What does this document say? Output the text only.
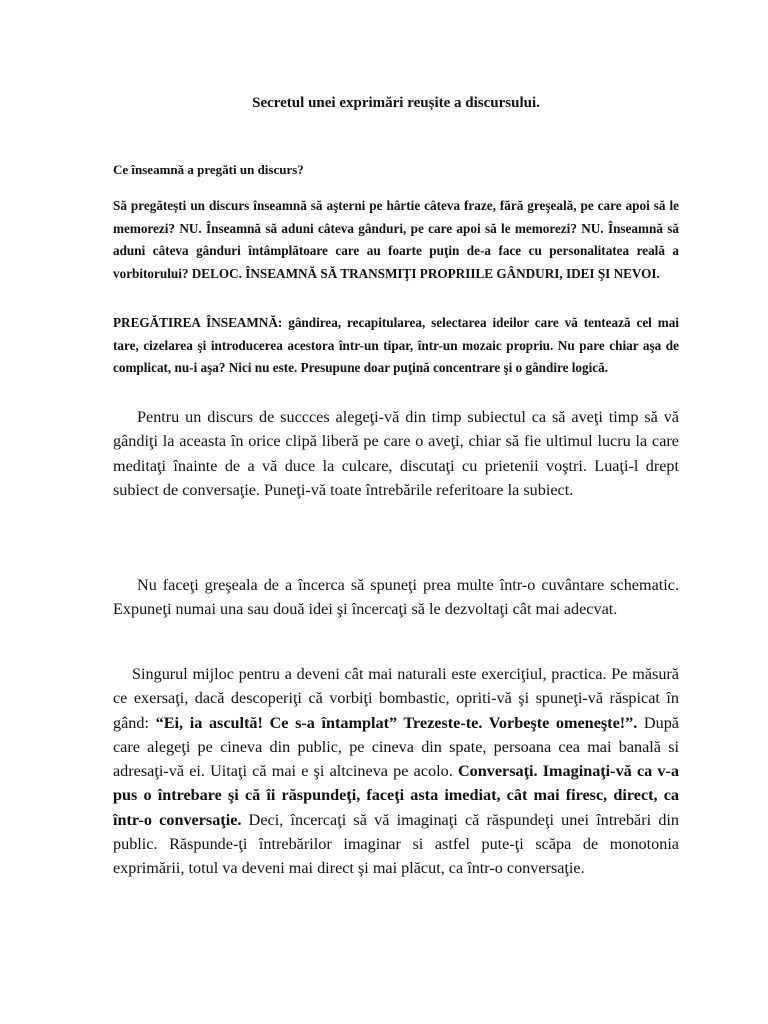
Secretul unei exprimări reușite a discursului.

Ce înseamnă a pregăti un discurs?

Să pregătești un discurs înseamnă să aşterni pe hârtie câteva fraze, fără greşeală, pe care apoi să le memorezi? NU. Înseamnă să aduni câteva gânduri, pe care apoi să le memorezi? NU. Înseamnă să aduni câteva gânduri întâmplătoare care au foarte puţin de-a face cu personalitatea reală a vorbitorului? DELOC. ÎNSEAMNĂ SĂ TRANSMIŢI PROPRIILE GÂNDURI, IDEI ŞI NEVOI.

PREGĂTIREA ÎNSEAMNĂ: gândirea, recapitularea, selectarea ideilor care vă tentează cel mai tare, cizelarea şi introducerea acestora într-un tipar, într-un mozaic propriu. Nu pare chiar aşa de complicat, nu-i aşa? Nici nu este. Presupune doar puţină concentrare şi o gândire logică.

Pentru un discurs de succces alegeţi-vă din timp subiectul ca să aveţi timp să vă gândiţi la aceasta în orice clipă liberă pe care o aveţi, chiar să fie ultimul lucru la care meditaţi înainte de a vă duce la culcare, discutaţi cu prietenii voştri. Luaţi-l drept subiect de conversaţie. Puneţi-vă toate întrebările referitoare la subiect.

Nu faceţi greşeala de a încerca să spuneţi prea multe într-o cuvântare schematic. Expuneţi numai una sau două idei şi încercaţi să le dezvoltaţi cât mai adecvat.

Singurul mijloc pentru a deveni cât mai naturali este exerciţiul, practica. Pe măsură ce exersaţi, dacă descoperiţi că vorbiţi bombastic, opriti-vă şi spuneţi-vă răspicat în gând: “Ei, ia ascultă! Ce s-a întamplat” Trezeste-te. Vorbeşte omeneşte!”. După care alegeţi pe cineva din public, pe cineva din spate, persoana cea mai banală si adresaţi-vă ei. Uitaţi că mai e şi altcineva pe acolo. Conversaţi. Imaginaţi-vă ca v-a pus o întrebare şi că îi răspundeţi, faceţi asta imediat, cât mai firesc, direct, ca într-o conversaţie. Deci, încercaţi să vă imaginaţi că răspundeţi unei întrebări din public. Răspunde-ţi întrebărilor imaginar si astfel pute-ţi scăpa de monotonia exprimării, totul va deveni mai direct şi mai plăcut, ca într-o conversaţie.
